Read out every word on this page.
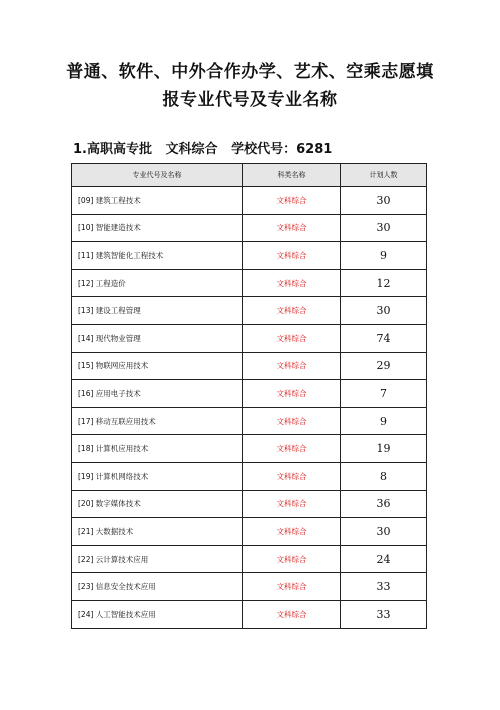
普通、软件、中外合作办学、艺术、空乘志愿填
报专业代号及专业名称
1.高职高专批   文科综合   学校代号：6281
专业代号及名称	科类名称	计划人数
[09] 建筑工程技术	文科综合	30
[10] 智能建造技术	文科综合	30
[11] 建筑智能化工程技术	文科综合	9
[12] 工程造价	文科综合	12
[13] 建设工程管理	文科综合	30
[14] 现代物业管理	文科综合	74
[15] 物联网应用技术	文科综合	29
[16] 应用电子技术	文科综合	7
[17] 移动互联应用技术	文科综合	9
[18] 计算机应用技术	文科综合	19
[19] 计算机网络技术	文科综合	8
[20] 数字媒体技术	文科综合	36
[21] 大数据技术	文科综合	30
[22] 云计算技术应用	文科综合	24
[23] 信息安全技术应用	文科综合	33
[24] 人工智能技术应用	文科综合	33
